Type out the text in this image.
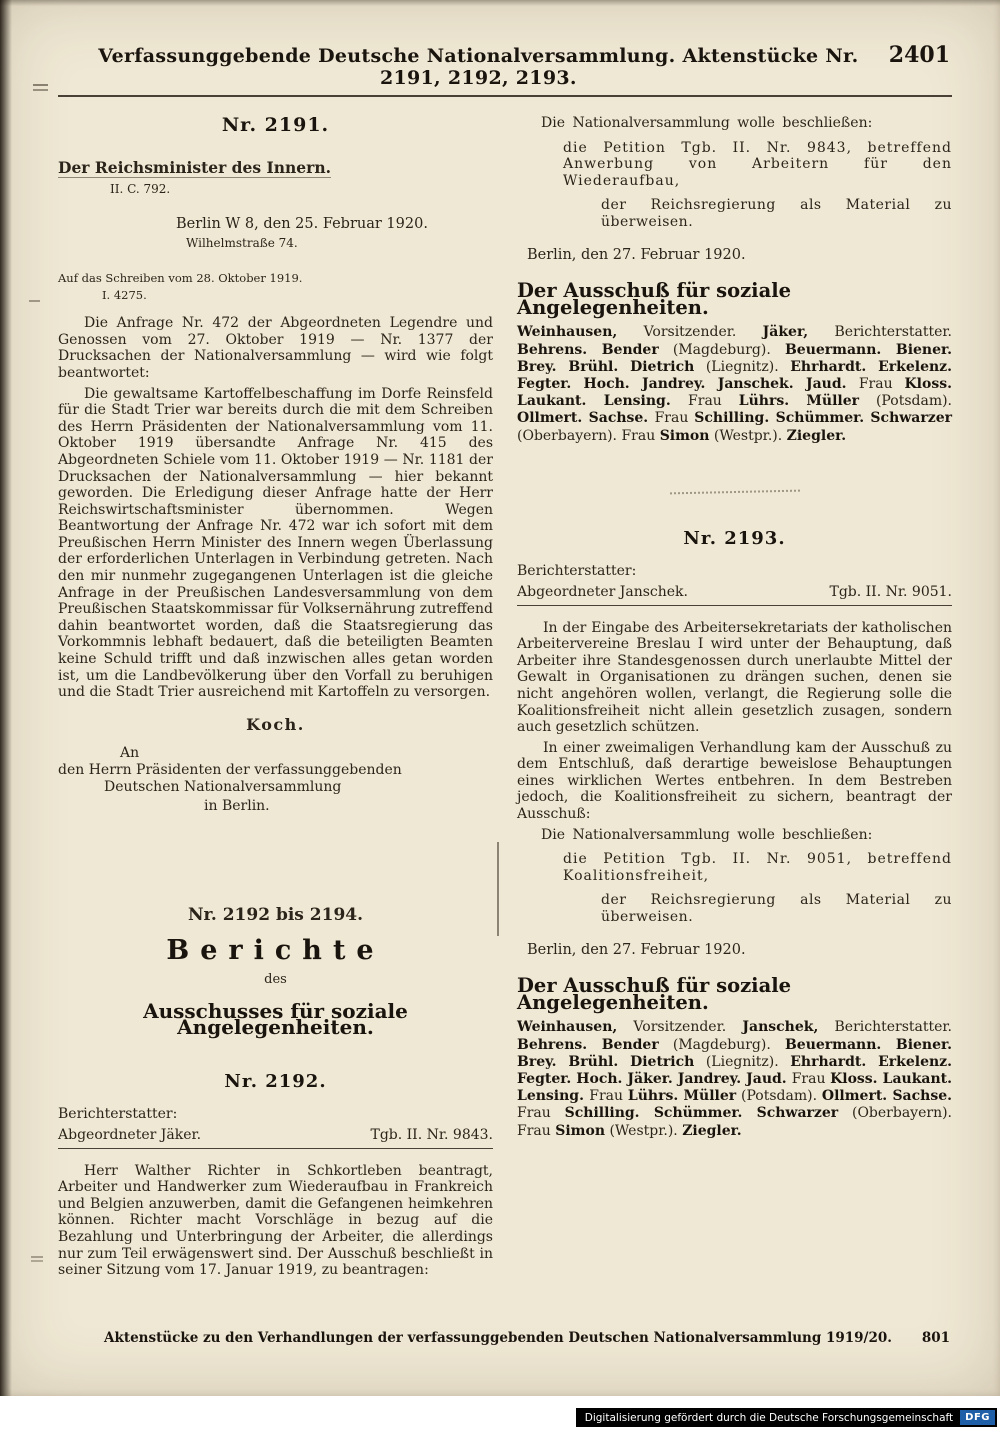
Verfassunggebende Deutsche Nationalversammlung. Aktenstücke Nr. 2191, 2192, 2193.
2401
Nr. 2191.
Der Reichsminister des Innern.
II. C. 792.
Berlin W 8, den 25. Februar 1920.
Wilhelmstraße 74.
Auf das Schreiben vom 28. Oktober 1919.
I. 4275.

Die Anfrage Nr. 472 der Abgeordneten Legendre und Genossen vom 27. Oktober 1919 — Nr. 1377 der Drucksachen der Nationalversammlung — wird wie folgt beantwortet:

Die gewaltsame Kartoffelbeschaffung im Dorfe Reinsfeld für die Stadt Trier war bereits durch die mit dem Schreiben des Herrn Präsidenten der Nationalversammlung vom 11. Oktober 1919 übersandte Anfrage Nr. 415 des Abgeordneten Schiele vom 11. Oktober 1919 — Nr. 1181 der Drucksachen der Nationalversammlung — hier bekannt geworden. Die Erledigung dieser Anfrage hatte der Herr Reichswirtschaftsminister übernommen. Wegen Beantwortung der Anfrage Nr. 472 war ich sofort mit dem Preußischen Herrn Minister des Innern wegen Überlassung der erforderlichen Unterlagen in Verbindung getreten. Nach den mir nunmehr zugegangenen Unterlagen ist die gleiche Anfrage in der Preußischen Landesversammlung von dem Preußischen Staatskommissar für Volksernährung zutreffend dahin beantwortet worden, daß die Staatsregierung das Vorkommnis lebhaft bedauert, daß die beteiligten Beamten keine Schuld trifft und daß inzwischen alles getan worden ist, um die Landbevölkerung über den Vorfall zu beruhigen und die Stadt Trier ausreichend mit Kartoffeln zu versorgen.

Koch.
An
den Herrn Präsidenten der verfassunggebenden
Deutschen Nationalversammlung
in Berlin.
Nr. 2192 bis 2194.
Berichte
des
Ausschusses für soziale Angelegenheiten.
Nr. 2192.
Berichterstatter:
Abgeordneter Jäker.	Tgb. II. Nr. 9843.

Herr Walther Richter in Schkortleben beantragt, Arbeiter und Handwerker zum Wiederaufbau in Frankreich und Belgien anzuwerben, damit die Gefangenen heimkehren können. Richter macht Vorschläge in bezug auf die Bezahlung und Unterbringung der Arbeiter, die allerdings nur zum Teil erwägenswert sind. Der Ausschuß beschließt in seiner Sitzung vom 17. Januar 1919, zu beantragen:

Die Nationalversammlung wolle beschließen:

die Petition Tgb. II. Nr. 9843, betreffend Anwerbung von Arbeitern für den Wiederaufbau,

der Reichsregierung als Material zu überweisen.

Berlin, den 27. Februar 1920.
Der Ausschuß für soziale Angelegenheiten.

Weinhausen, Vorsitzender. Jäker, Berichterstatter. Behrens. Bender (Magdeburg). Beuermann. Biener. Brey. Brühl. Dietrich (Liegnitz). Ehrhardt. Erkelenz. Fegter. Hoch. Jandrey. Janschek. Jaud. Frau Kloss. Laukant. Lensing. Frau Lührs. Müller (Potsdam). Ollmert. Sachse. Frau Schilling. Schümmer. Schwarzer (Oberbayern). Frau Simon (Westpr.). Ziegler.

Nr. 2193.
Berichterstatter:
Abgeordneter Janschek.	Tgb. II. Nr. 9051.

In der Eingabe des Arbeitersekretariats der katholischen Arbeitervereine Breslau I wird unter der Behauptung, daß Arbeiter ihre Standesgenossen durch unerlaubte Mittel der Gewalt in Organisationen zu drängen suchen, denen sie nicht angehören wollen, verlangt, die Regierung solle die Koalitionsfreiheit nicht allein gesetzlich zusagen, sondern auch gesetzlich schützen.

In einer zweimaligen Verhandlung kam der Ausschuß zu dem Entschluß, daß derartige beweislose Behauptungen eines wirklichen Wertes entbehren. In dem Bestreben jedoch, die Koalitionsfreiheit zu sichern, beantragt der Ausschuß:

Die Nationalversammlung wolle beschließen:

die Petition Tgb. II. Nr. 9051, betreffend Koalitionsfreiheit,

der Reichsregierung als Material zu überweisen.

Berlin, den 27. Februar 1920.
Der Ausschuß für soziale Angelegenheiten.

Weinhausen, Vorsitzender. Janschek, Berichterstatter. Behrens. Bender (Magdeburg). Beuermann. Biener. Brey. Brühl. Dietrich (Liegnitz). Ehrhardt. Erkelenz. Fegter. Hoch. Jäker. Jandrey. Jaud. Frau Kloss. Laukant. Lensing. Frau Lührs. Müller (Potsdam). Ollmert. Sachse. Frau Schilling. Schümmer. Schwarzer (Oberbayern). Frau Simon (Westpr.). Ziegler.

Aktenstücke zu den Verhandlungen der verfassunggebenden Deutschen Nationalversammlung 1919/20. 801
Digitalisierung gefördert durch die Deutsche Forschungsgemeinschaft	DFG
